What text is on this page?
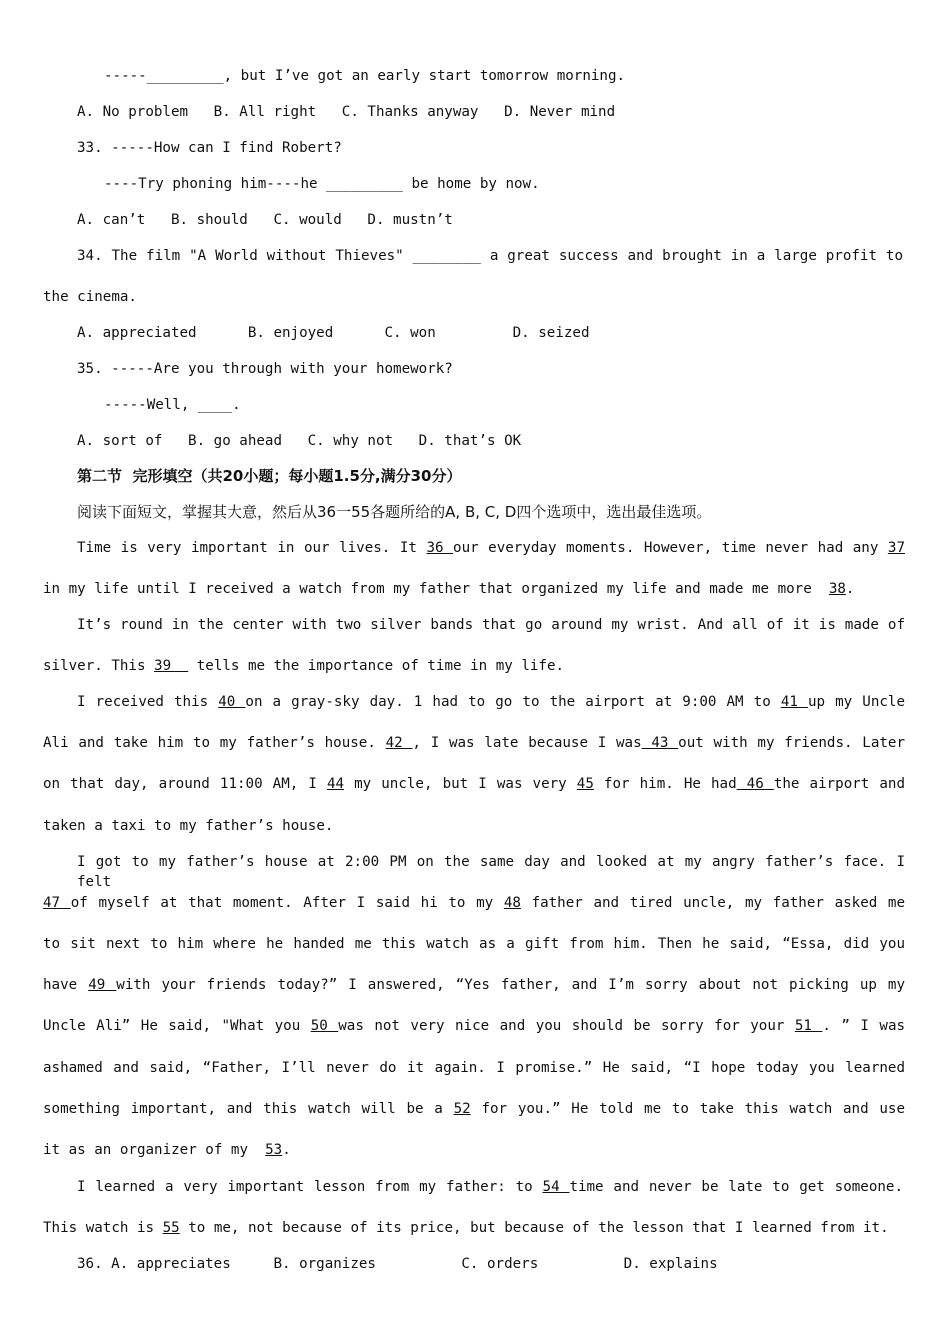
-----_________, but I’ve got an early start tomorrow morning.
A. No problem   B. All right   C. Thanks anyway   D. Never mind
33. -----How can I find Robert?
----Try phoning him----he _________ be home by now.
A. can’t   B. should   C. would   D. mustn’t
34. The film "A World without Thieves" ________ a great success and brought in a large profit to
the cinema.
A. appreciated      B. enjoyed      C. won         D. seized
35. -----Are you through with your homework?
-----Well, ____.
A. sort of   B. go ahead   C. why not   D. that’s OK
第二节  完形填空（共20小题；每小题1.5分,满分30分）
阅读下面短文，掌握其大意，然后从36一55各题所给的A, B, C, D四个选项中，选出最佳选项。
Time is very important in our lives. It 36 our everyday moments. However, time never had any 37
in my life until I received a watch from my father that organized my life and made me more  38.
It’s round in the center with two silver bands that go around my wrist. And all of it is made of
silver. This 39   tells me the importance of time in my life.
I received this 40 on a gray-sky day. 1 had to go to the airport at 9:00 AM to 41 up my Uncle
Ali and take him to my father’s house. 42 , I was late because I was 43 out with my friends. Later
on that day, around 11:00 AM, I 44 my uncle, but I was very 45 for him. He had 46 the airport and
taken a taxi to my father’s house.
I got to my father’s house at 2:00 PM on the same day and looked at my angry father’s face. I felt
47 of myself at that moment. After I said hi to my 48 father and tired uncle, my father asked me
to sit next to him where he handed me this watch as a gift from him. Then he said, “Essa, did you
have 49 with your friends today?” I answered, “Yes father, and I’m sorry about not picking up my
Uncle Ali” He said, "What you 50 was not very nice and you should be sorry for your 51 . ” I was
ashamed and said, “Father, I’ll never do it again. I promise.” He said, “I hope today you learned
something important, and this watch will be a 52 for you.” He told me to take this watch and use
it as an organizer of my  53.
I learned a very important lesson from my father: to 54 time and never be late to get someone.
This watch is 55 to me, not because of its price, but because of the lesson that I learned from it.
36. A. appreciates     B. organizes          C. orders          D. explains
